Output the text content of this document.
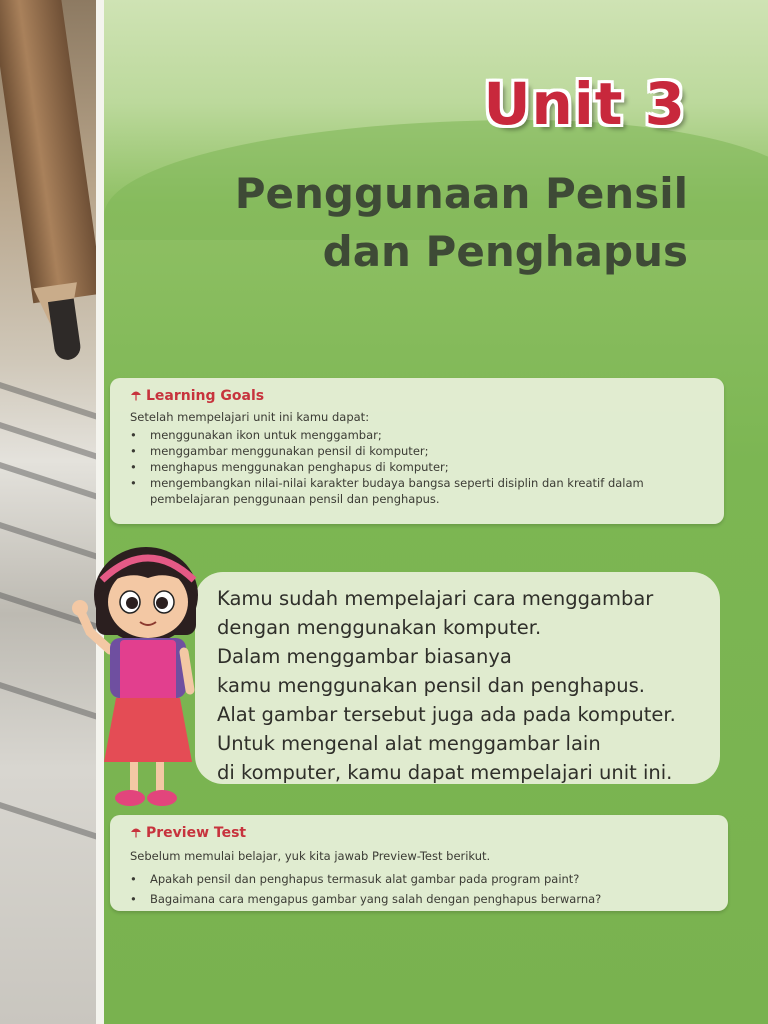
Unit 3
Penggunaan Pensil
dan Penghapus
Learning Goals
Setelah mempelajari unit ini kamu dapat:
• menggunakan ikon untuk menggambar;
• menggambar menggunakan pensil di komputer;
• menghapus menggunakan penghapus di komputer;
• mengembangkan nilai-nilai karakter budaya bangsa seperti disiplin dan kreatif dalam pembelajaran penggunaan pensil dan penghapus.
Kamu sudah mempelajari cara menggambar
dengan menggunakan komputer.
Dalam menggambar biasanya
kamu menggunakan pensil dan penghapus.
Alat gambar tersebut juga ada pada komputer.
Untuk mengenal alat menggambar lain
di komputer, kamu dapat mempelajari unit ini.
Preview Test
Sebelum memulai belajar, yuk kita jawab Preview-Test berikut.
• Apakah pensil dan penghapus termasuk alat gambar pada program paint?
• Bagaimana cara mengapus gambar yang salah dengan penghapus berwarna?
